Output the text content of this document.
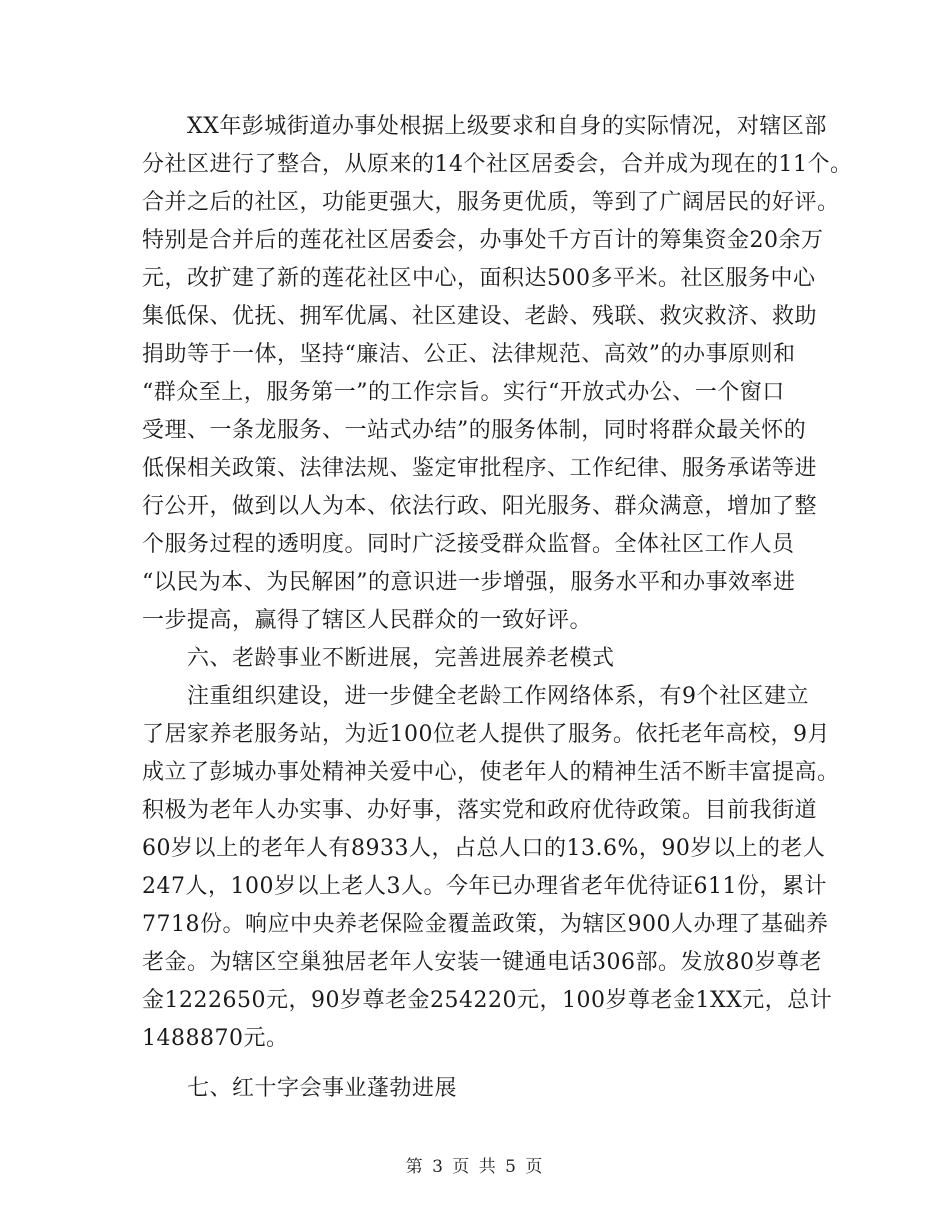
XX年彭城街道办事处根据上级要求和自身的实际情况，对辖区部
分社区进行了整合，从原来的14个社区居委会，合并成为现在的11个。
合并之后的社区，功能更强大，服务更优质，等到了广阔居民的好评。
特别是合并后的莲花社区居委会，办事处千方百计的筹集资金20余万
元，改扩建了新的莲花社区中心，面积达500多平米。社区服务中心
集低保、优抚、拥军优属、社区建设、老龄、残联、救灾救济、救助
捐助等于一体，坚持“廉洁、公正、法律规范、高效”的办事原则和
“群众至上，服务第一”的工作宗旨。实行“开放式办公、一个窗口
受理、一条龙服务、一站式办结”的服务体制，同时将群众最关怀的
低保相关政策、法律法规、鉴定审批程序、工作纪律、服务承诺等进
行公开，做到以人为本、依法行政、阳光服务、群众满意，增加了整
个服务过程的透明度。同时广泛接受群众监督。全体社区工作人员
“以民为本、为民解困”的意识进一步增强，服务水平和办事效率进
一步提高，赢得了辖区人民群众的一致好评。
六、老龄事业不断进展，完善进展养老模式
注重组织建设，进一步健全老龄工作网络体系，有9个社区建立
了居家养老服务站，为近100位老人提供了服务。依托老年高校，9月
成立了彭城办事处精神关爱中心，使老年人的精神生活不断丰富提高。
积极为老年人办实事、办好事，落实党和政府优待政策。目前我街道
60岁以上的老年人有8933人，占总人口的13.6%，90岁以上的老人
247人，100岁以上老人3人。今年已办理省老年优待证611份，累计
7718份。响应中央养老保险金覆盖政策，为辖区900人办理了基础养
老金。为辖区空巢独居老年人安装一键通电话306部。发放80岁尊老
金1222650元，90岁尊老金254220元，100岁尊老金1XX元，总计
1488870元。
七、红十字会事业蓬勃进展
第 3 页 共 5 页
